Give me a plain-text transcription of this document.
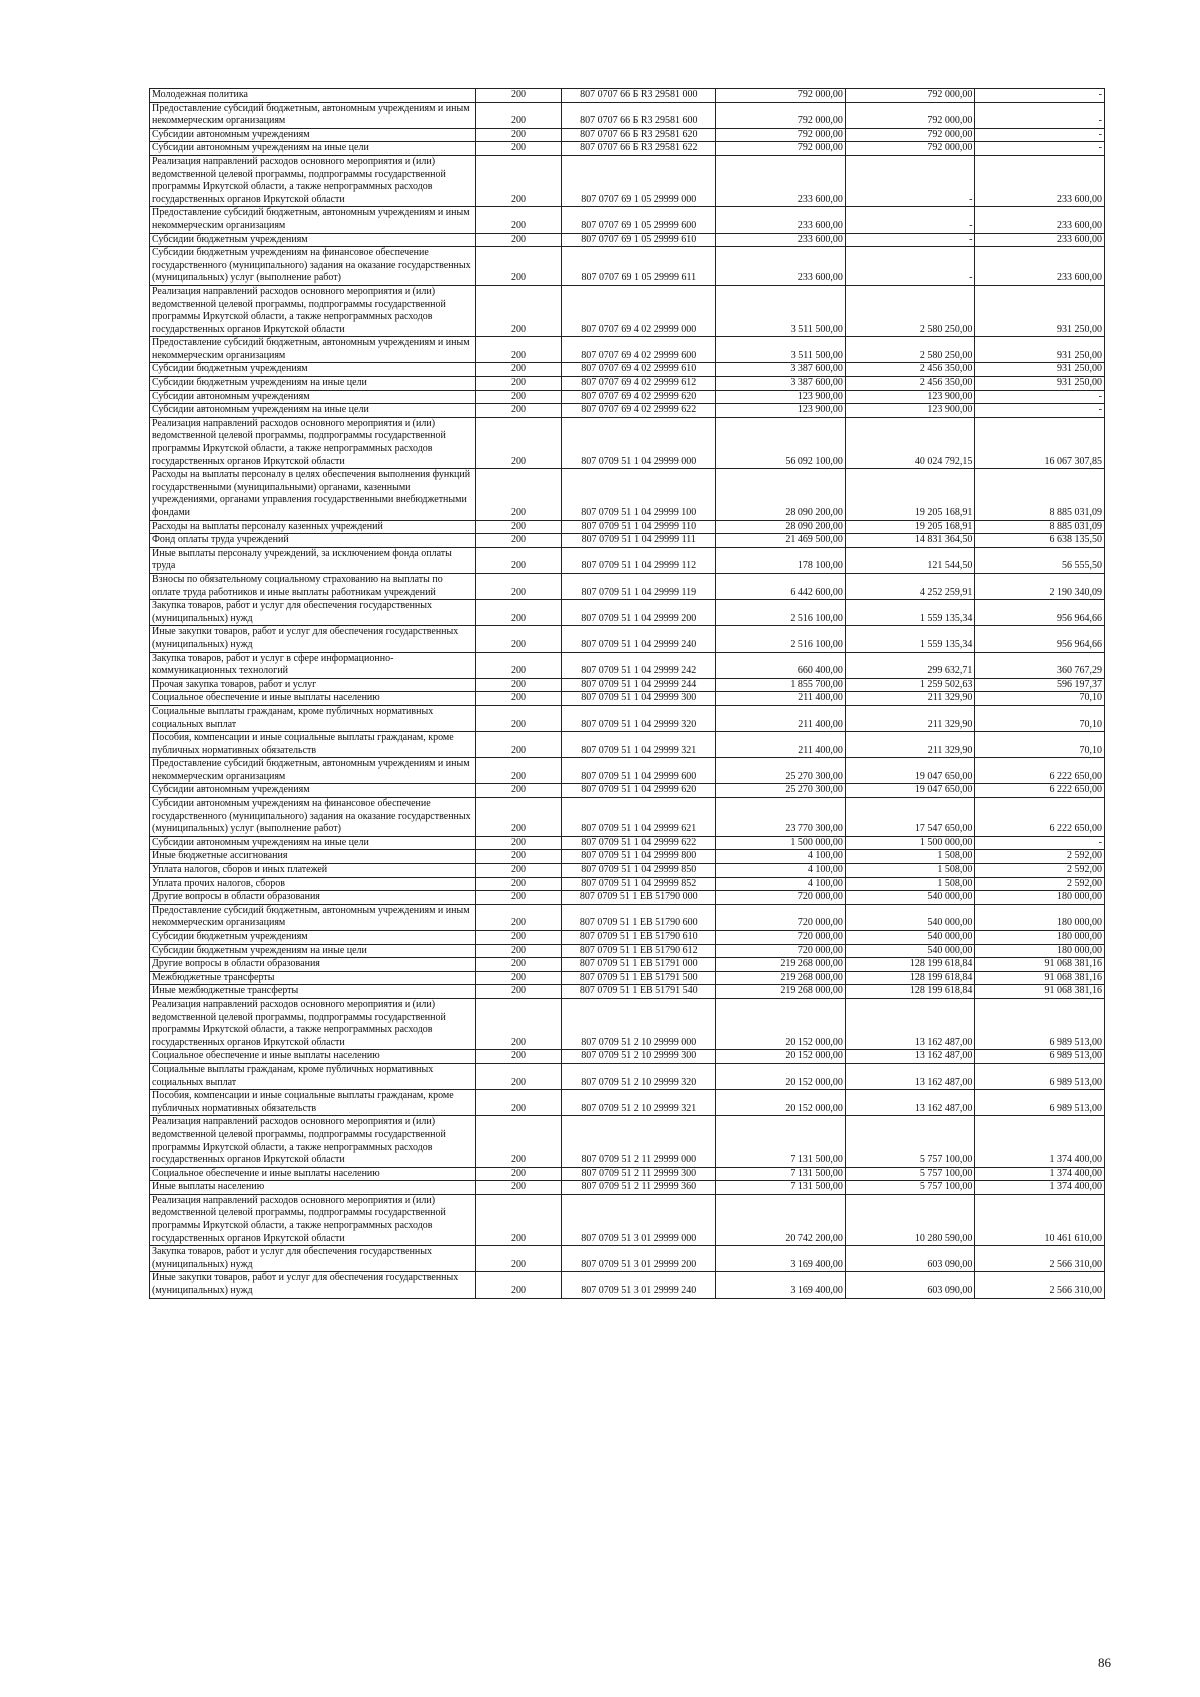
Молодежная политика	200	807 0707 66 Б R3 29581 000	792 000,00	792 000,00	-
Предоставление субсидий бюджетным, автономным учреждениям и иным некоммерческим организациям	200	807 0707 66 Б R3 29581 600	792 000,00	792 000,00	-
Субсидии автономным учреждениям	200	807 0707 66 Б R3 29581 620	792 000,00	792 000,00	-
Субсидии автономным учреждениям на иные цели	200	807 0707 66 Б R3 29581 622	792 000,00	792 000,00	-
Реализация направлений расходов основного мероприятия и (или) ведомственной целевой программы, подпрограммы государственной программы Иркутской области, а также непрограммных расходов государственных органов Иркутской области	200	807 0707 69 1 05 29999 000	233 600,00	-	233 600,00
Предоставление субсидий бюджетным, автономным учреждениям и иным некоммерческим организациям	200	807 0707 69 1 05 29999 600	233 600,00	-	233 600,00
Субсидии бюджетным учреждениям	200	807 0707 69 1 05 29999 610	233 600,00	-	233 600,00
Субсидии бюджетным учреждениям на финансовое обеспечение государственного (муниципального) задания на оказание государственных (муниципальных) услуг (выполнение работ)	200	807 0707 69 1 05 29999 611	233 600,00	-	233 600,00
Реализация направлений расходов основного мероприятия и (или) ведомственной целевой программы, подпрограммы государственной программы Иркутской области, а также непрограммных расходов государственных органов Иркутской области	200	807 0707 69 4 02 29999 000	3 511 500,00	2 580 250,00	931 250,00
Предоставление субсидий бюджетным, автономным учреждениям и иным некоммерческим организациям	200	807 0707 69 4 02 29999 600	3 511 500,00	2 580 250,00	931 250,00
Субсидии бюджетным учреждениям	200	807 0707 69 4 02 29999 610	3 387 600,00	2 456 350,00	931 250,00
Субсидии бюджетным учреждениям на иные цели	200	807 0707 69 4 02 29999 612	3 387 600,00	2 456 350,00	931 250,00
Субсидии автономным учреждениям	200	807 0707 69 4 02 29999 620	123 900,00	123 900,00	-
Субсидии автономным учреждениям на иные цели	200	807 0707 69 4 02 29999 622	123 900,00	123 900,00	-
Реализация направлений расходов основного мероприятия и (или) ведомственной целевой программы, подпрограммы государственной программы Иркутской области, а также непрограммных расходов государственных органов Иркутской области	200	807 0709 51 1 04 29999 000	56 092 100,00	40 024 792,15	16 067 307,85
Расходы на выплаты персоналу в целях обеспечения выполнения функций государственными (муниципальными) органами, казенными учреждениями, органами управления государственными внебюджетными фондами	200	807 0709 51 1 04 29999 100	28 090 200,00	19 205 168,91	8 885 031,09
Расходы на выплаты персоналу казенных учреждений	200	807 0709 51 1 04 29999 110	28 090 200,00	19 205 168,91	8 885 031,09
Фонд оплаты труда учреждений	200	807 0709 51 1 04 29999 111	21 469 500,00	14 831 364,50	6 638 135,50
Иные выплаты персоналу учреждений, за исключением фонда оплаты труда	200	807 0709 51 1 04 29999 112	178 100,00	121 544,50	56 555,50
Взносы по обязательному социальному страхованию на выплаты по оплате труда работников и иные выплаты работникам учреждений	200	807 0709 51 1 04 29999 119	6 442 600,00	4 252 259,91	2 190 340,09
Закупка товаров, работ и услуг для обеспечения государственных (муниципальных) нужд	200	807 0709 51 1 04 29999 200	2 516 100,00	1 559 135,34	956 964,66
Иные закупки товаров, работ и услуг для обеспечения государственных (муниципальных) нужд	200	807 0709 51 1 04 29999 240	2 516 100,00	1 559 135,34	956 964,66
Закупка товаров, работ и услуг в сфере информационно-коммуникационных технологий	200	807 0709 51 1 04 29999 242	660 400,00	299 632,71	360 767,29
Прочая закупка товаров, работ и услуг	200	807 0709 51 1 04 29999 244	1 855 700,00	1 259 502,63	596 197,37
Социальное обеспечение и иные выплаты населению	200	807 0709 51 1 04 29999 300	211 400,00	211 329,90	70,10
Социальные выплаты гражданам, кроме публичных нормативных социальных выплат	200	807 0709 51 1 04 29999 320	211 400,00	211 329,90	70,10
Пособия, компенсации и иные социальные выплаты гражданам, кроме публичных нормативных обязательств	200	807 0709 51 1 04 29999 321	211 400,00	211 329,90	70,10
Предоставление субсидий бюджетным, автономным учреждениям и иным некоммерческим организациям	200	807 0709 51 1 04 29999 600	25 270 300,00	19 047 650,00	6 222 650,00
Субсидии автономным учреждениям	200	807 0709 51 1 04 29999 620	25 270 300,00	19 047 650,00	6 222 650,00
Субсидии автономным учреждениям на финансовое обеспечение государственного (муниципального) задания на оказание государственных (муниципальных) услуг (выполнение работ)	200	807 0709 51 1 04 29999 621	23 770 300,00	17 547 650,00	6 222 650,00
Субсидии автономным учреждениям на иные цели	200	807 0709 51 1 04 29999 622	1 500 000,00	1 500 000,00	-
Иные бюджетные ассигнования	200	807 0709 51 1 04 29999 800	4 100,00	1 508,00	2 592,00
Уплата налогов, сборов и иных платежей	200	807 0709 51 1 04 29999 850	4 100,00	1 508,00	2 592,00
Уплата прочих налогов, сборов	200	807 0709 51 1 04 29999 852	4 100,00	1 508,00	2 592,00
Другие вопросы в области образования	200	807 0709 51 1 EB 51790 000	720 000,00	540 000,00	180 000,00
Предоставление субсидий бюджетным, автономным учреждениям и иным некоммерческим организациям	200	807 0709 51 1 EB 51790 600	720 000,00	540 000,00	180 000,00
Субсидии бюджетным учреждениям	200	807 0709 51 1 EB 51790 610	720 000,00	540 000,00	180 000,00
Субсидии бюджетным учреждениям на иные цели	200	807 0709 51 1 EB 51790 612	720 000,00	540 000,00	180 000,00
Другие вопросы в области образования	200	807 0709 51 1 EB 51791 000	219 268 000,00	128 199 618,84	91 068 381,16
Межбюджетные трансферты	200	807 0709 51 1 EB 51791 500	219 268 000,00	128 199 618,84	91 068 381,16
Иные межбюджетные трансферты	200	807 0709 51 1 EB 51791 540	219 268 000,00	128 199 618,84	91 068 381,16
Реализация направлений расходов основного мероприятия и (или) ведомственной целевой программы, подпрограммы государственной программы Иркутской области, а также непрограммных расходов государственных органов Иркутской области	200	807 0709 51 2 10 29999 000	20 152 000,00	13 162 487,00	6 989 513,00
Социальное обеспечение и иные выплаты населению	200	807 0709 51 2 10 29999 300	20 152 000,00	13 162 487,00	6 989 513,00
Социальные выплаты гражданам, кроме публичных нормативных социальных выплат	200	807 0709 51 2 10 29999 320	20 152 000,00	13 162 487,00	6 989 513,00
Пособия, компенсации и иные социальные выплаты гражданам, кроме публичных нормативных обязательств	200	807 0709 51 2 10 29999 321	20 152 000,00	13 162 487,00	6 989 513,00
Реализация направлений расходов основного мероприятия и (или) ведомственной целевой программы, подпрограммы государственной программы Иркутской области, а также непрограммных расходов государственных органов Иркутской области	200	807 0709 51 2 11 29999 000	7 131 500,00	5 757 100,00	1 374 400,00
Социальное обеспечение и иные выплаты населению	200	807 0709 51 2 11 29999 300	7 131 500,00	5 757 100,00	1 374 400,00
Иные выплаты населению	200	807 0709 51 2 11 29999 360	7 131 500,00	5 757 100,00	1 374 400,00
Реализация направлений расходов основного мероприятия и (или) ведомственной целевой программы, подпрограммы государственной программы Иркутской области, а также непрограммных расходов государственных органов Иркутской области	200	807 0709 51 3 01 29999 000	20 742 200,00	10 280 590,00	10 461 610,00
Закупка товаров, работ и услуг для обеспечения государственных (муниципальных) нужд	200	807 0709 51 3 01 29999 200	3 169 400,00	603 090,00	2 566 310,00
Иные закупки товаров, работ и услуг для обеспечения государственных (муниципальных) нужд	200	807 0709 51 3 01 29999 240	3 169 400,00	603 090,00	2 566 310,00
86
